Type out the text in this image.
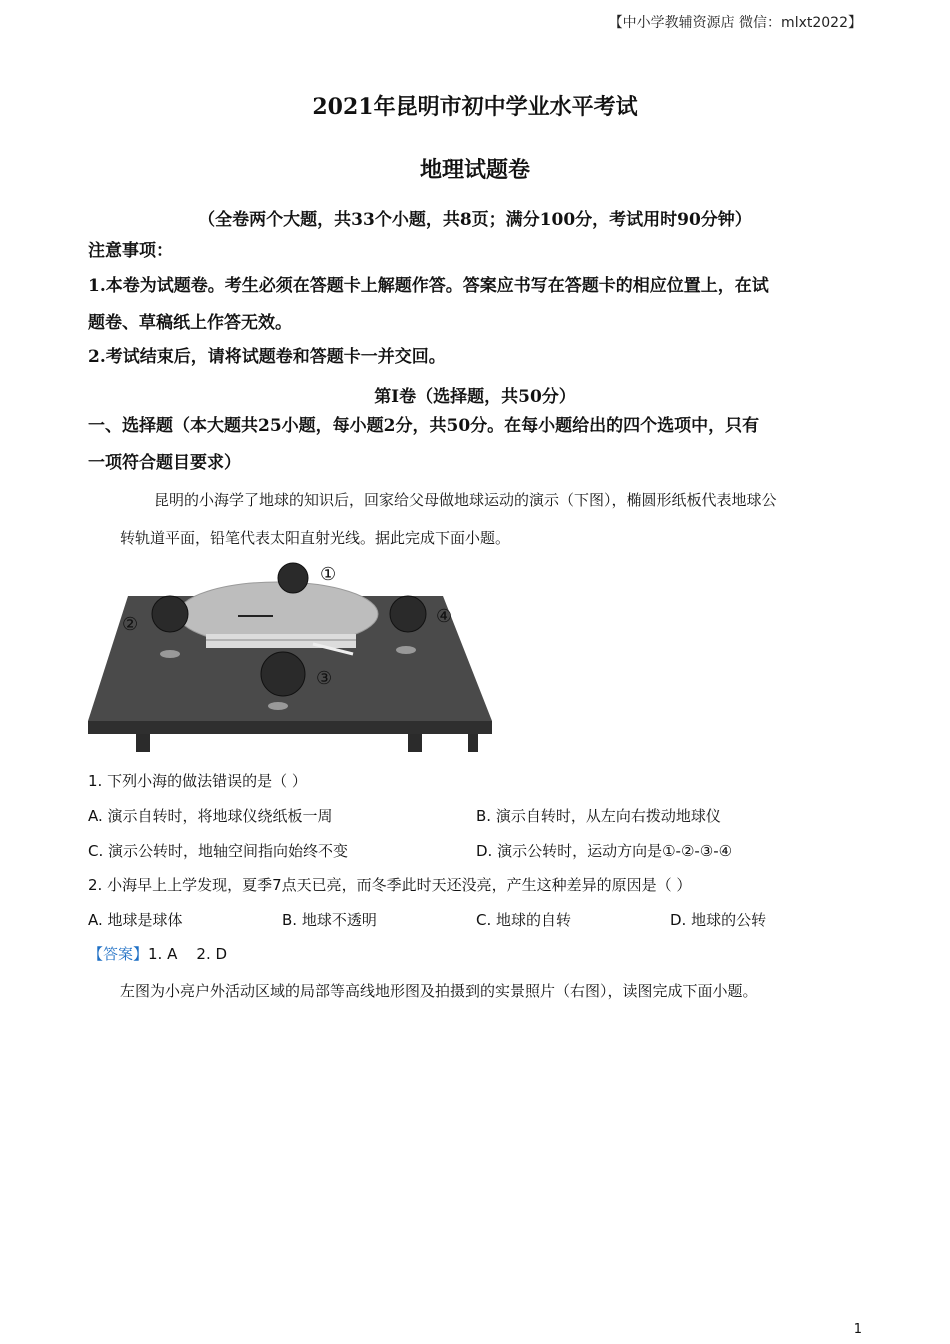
【中小学教辅资源店 微信：mlxt2022】
2021年昆明市初中学业水平考试
地理试题卷
（全卷两个大题，共33个小题，共8页；满分100分，考试用时90分钟）
注意事项：
1.本卷为试题卷。考生必须在答题卡上解题作答。答案应书写在答题卡的相应位置上，在试
题卷、草稿纸上作答无效。
2.考试结束后，请将试题卷和答题卡一并交回。
第Ⅰ卷（选择题，共50分）
一、选择题（本大题共25小题，每小题2分，共50分。在每小题给出的四个选项中，只有
一项符合题目要求）
昆明的小海学了地球的知识后，回家给父母做地球运动的演示（下图），椭圆形纸板代表地球公
转轨道平面，铅笔代表太阳直射光线。据此完成下面小题。
①
②
③
④
1. 下列小海的做法错误的是（ ）
A. 演示自转时，将地球仪绕纸板一周	B. 演示自转时，从左向右拨动地球仪
C. 演示公转时，地轴空间指向始终不变	D. 演示公转时，运动方向是①-②-③-④
2. 小海早上上学发现，夏季7点天已亮，而冬季此时天还没亮，产生这种差异的原因是（ ）
A. 地球是球体	B. 地球不透明	C. 地球的自转	D. 地球的公转
【答案】1. A    2. D
左图为小亮户外活动区域的局部等高线地形图及拍摄到的实景照片（右图），读图完成下面小题。
1
